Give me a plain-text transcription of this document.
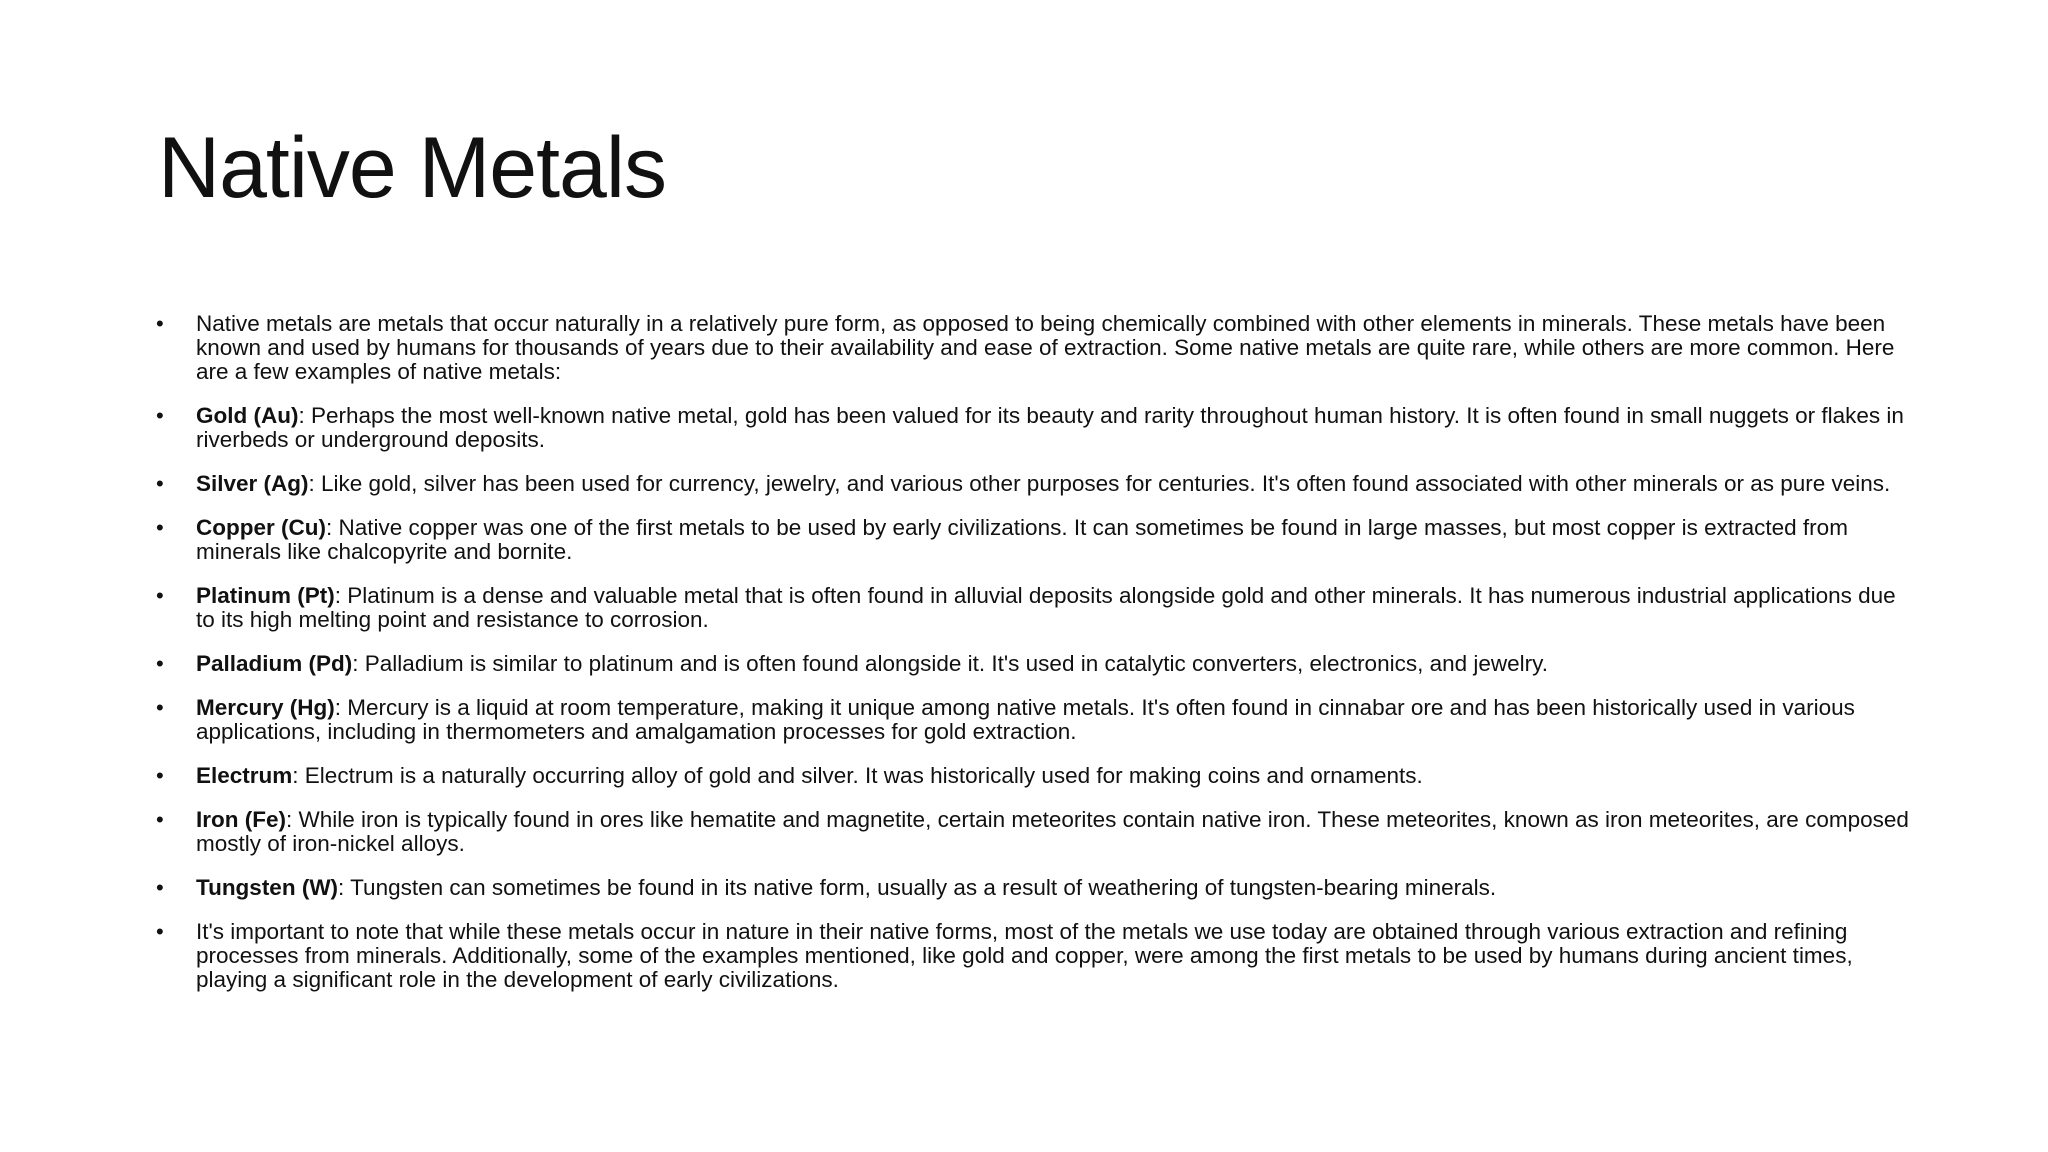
Native Metals
• Native metals are metals that occur naturally in a relatively pure form, as opposed to being chemically combined with other elements in minerals. These metals have been known and used by humans for thousands of years due to their availability and ease of extraction. Some native metals are quite rare, while others are more common. Here are a few examples of native metals:
• Gold (Au): Perhaps the most well-known native metal, gold has been valued for its beauty and rarity throughout human history. It is often found in small nuggets or flakes in riverbeds or underground deposits.
• Silver (Ag): Like gold, silver has been used for currency, jewelry, and various other purposes for centuries. It's often found associated with other minerals or as pure veins.
• Copper (Cu): Native copper was one of the first metals to be used by early civilizations. It can sometimes be found in large masses, but most copper is extracted from minerals like chalcopyrite and bornite.
• Platinum (Pt): Platinum is a dense and valuable metal that is often found in alluvial deposits alongside gold and other minerals. It has numerous industrial applications due to its high melting point and resistance to corrosion.
• Palladium (Pd): Palladium is similar to platinum and is often found alongside it. It's used in catalytic converters, electronics, and jewelry.
• Mercury (Hg): Mercury is a liquid at room temperature, making it unique among native metals. It's often found in cinnabar ore and has been historically used in various applications, including in thermometers and amalgamation processes for gold extraction.
• Electrum: Electrum is a naturally occurring alloy of gold and silver. It was historically used for making coins and ornaments.
• Iron (Fe): While iron is typically found in ores like hematite and magnetite, certain meteorites contain native iron. These meteorites, known as iron meteorites, are composed mostly of iron-nickel alloys.
• Tungsten (W): Tungsten can sometimes be found in its native form, usually as a result of weathering of tungsten-bearing minerals.
• It's important to note that while these metals occur in nature in their native forms, most of the metals we use today are obtained through various extraction and refining processes from minerals. Additionally, some of the examples mentioned, like gold and copper, were among the first metals to be used by humans during ancient times, playing a significant role in the development of early civilizations.
